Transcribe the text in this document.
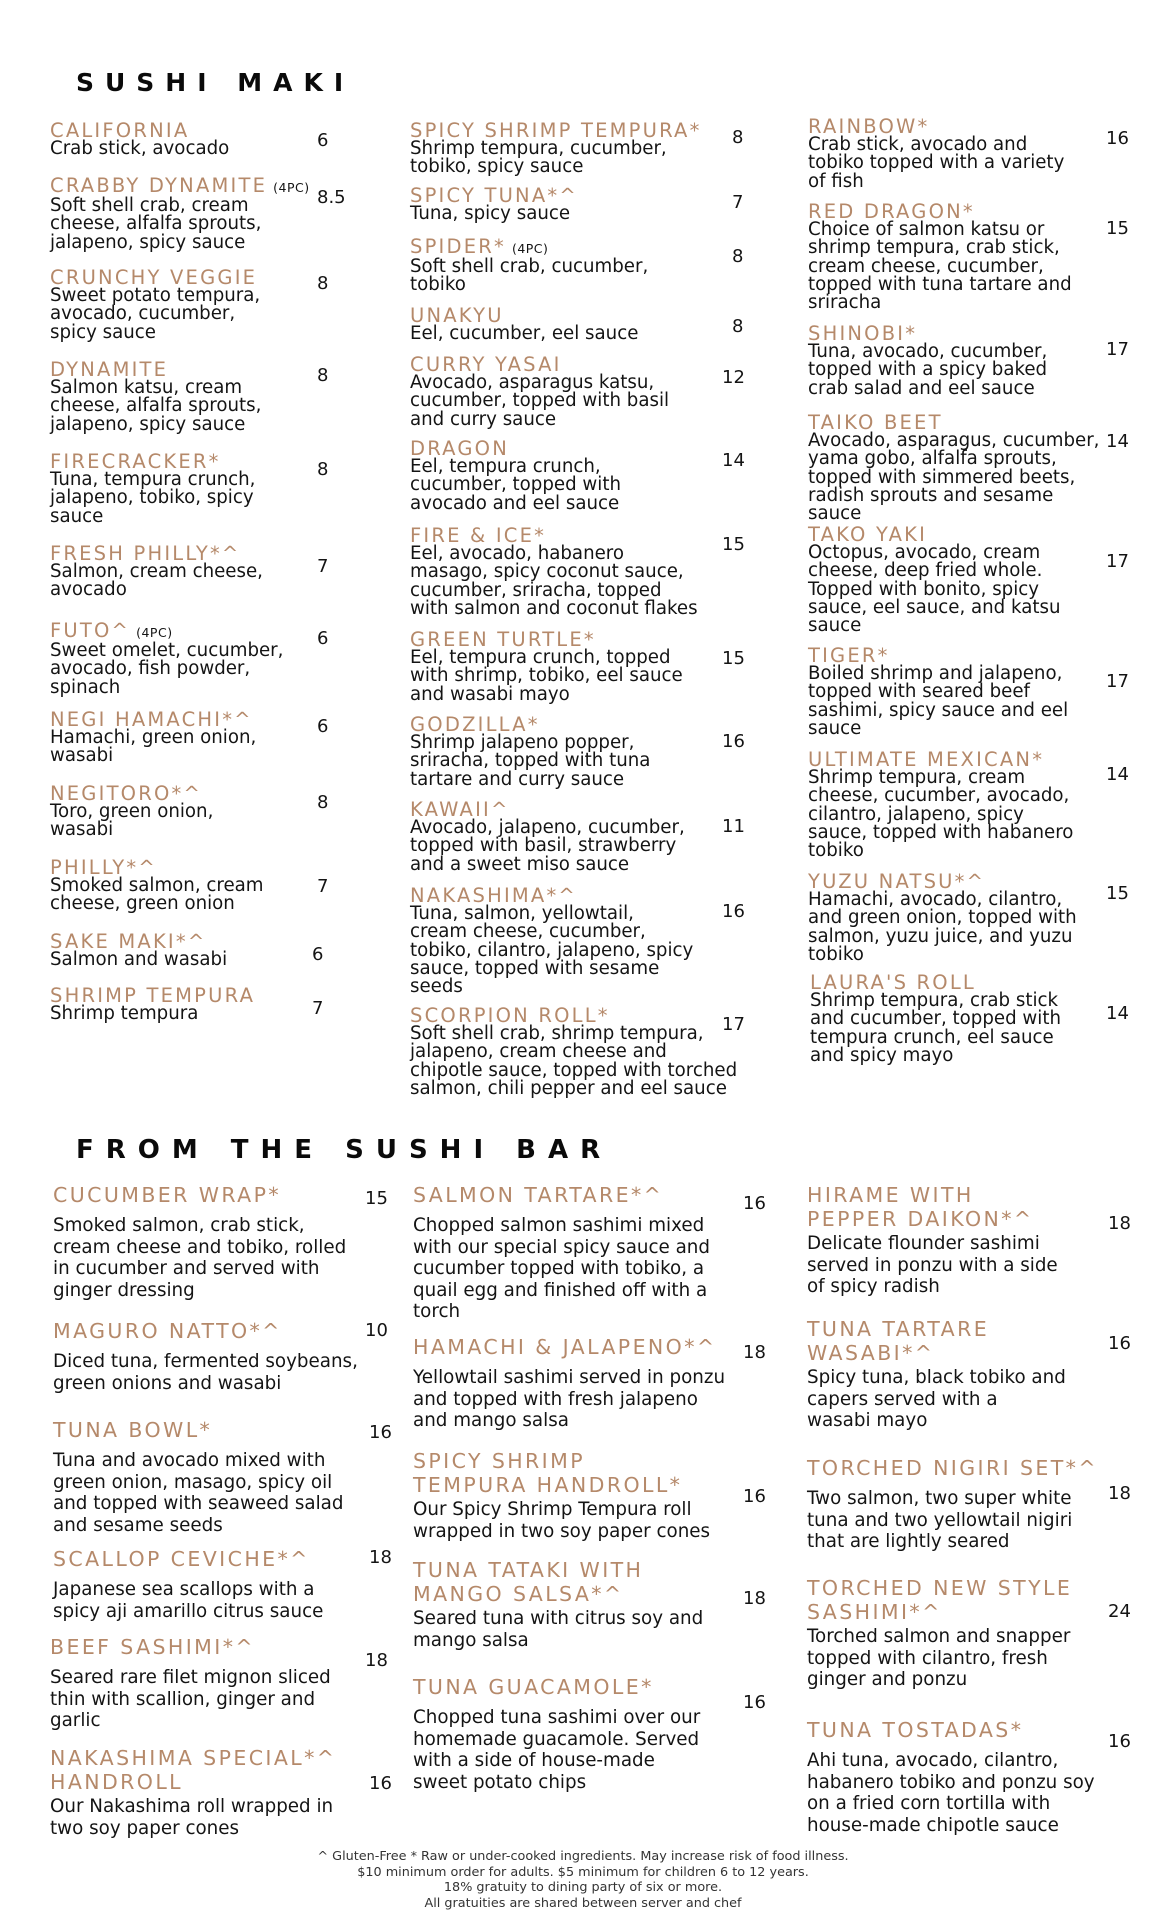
SUSHI MAKI
FROM THE SUSHI BAR
CALIFORNIA
Crab stick, avocado	6
CRABBY DYNAMITE (4PC)
Soft shell crab, cream
cheese, alfalfa sprouts,
jalapeno, spicy sauce
8.5
CRUNCHY VEGGIE
Sweet potato tempura,
avocado, cucumber,
spicy sauce
8
DYNAMITE
Salmon katsu, cream
cheese, alfalfa sprouts,
jalapeno, spicy sauce
8
FIRECRACKER*
Tuna, tempura crunch,
jalapeno, tobiko, spicy
sauce
8
FRESH PHILLY*^
Salmon, cream cheese,
avocado
7
FUTO^ (4PC)
Sweet omelet, cucumber,
avocado, fish powder,
spinach
6
NEGI HAMACHI*^
Hamachi, green onion,
wasabi
6
NEGITORO*^
Toro, green onion,
wasabi
8
PHILLY*^
Smoked salmon, cream
cheese, green onion
7
SAKE MAKI*^
Salmon and wasabi	6
SHRIMP TEMPURA
Shrimp tempura	7
SPICY SHRIMP TEMPURA*
Shrimp tempura, cucumber,
tobiko, spicy sauce
8
SPICY TUNA*^
Tuna, spicy sauce
7
SPIDER* (4PC)
Soft shell crab, cucumber,
tobiko
8
UNAKYU
Eel, cucumber, eel sauce	8
CURRY YASAI
Avocado, asparagus katsu,
cucumber, topped with basil
and curry sauce
12
DRAGON
Eel, tempura crunch,
cucumber, topped with
avocado and eel sauce
14
FIRE & ICE*
Eel, avocado, habanero
masago, spicy coconut sauce,
cucumber, sriracha, topped
with salmon and coconut flakes
15
GREEN TURTLE*
Eel, tempura crunch, topped
with shrimp, tobiko, eel sauce
and wasabi mayo
15
GODZILLA*
Shrimp jalapeno popper,
sriracha, topped with tuna
tartare and curry sauce
16
KAWAII^
Avocado, jalapeno, cucumber,
topped with basil, strawberry
and a sweet miso sauce
11
NAKASHIMA*^
Tuna, salmon, yellowtail,
cream cheese, cucumber,
tobiko, cilantro, jalapeno, spicy
sauce, topped with sesame
seeds
16
SCORPION ROLL*
Soft shell crab, shrimp tempura,
jalapeno, cream cheese and
chipotle sauce, topped with torched
salmon, chili pepper and eel sauce
17
RAINBOW*
Crab stick, avocado and
tobiko topped with a variety
of fish
16
RED DRAGON*
Choice of salmon katsu or
shrimp tempura, crab stick,
cream cheese, cucumber,
topped with tuna tartare and
sriracha
15
SHINOBI*
Tuna, avocado, cucumber,
topped with a spicy baked
crab salad and eel sauce
17
TAIKO BEET
Avocado, asparagus, cucumber,
yama gobo, alfalfa sprouts,
topped with simmered beets,
radish sprouts and sesame
sauce
14
TAKO YAKI
Octopus, avocado, cream
cheese, deep fried whole.
Topped with bonito, spicy
sauce, eel sauce, and katsu
sauce
17
TIGER*
Boiled shrimp and jalapeno,
topped with seared beef
sashimi, spicy sauce and eel
sauce
17
ULTIMATE MEXICAN*
Shrimp tempura, cream
cheese, cucumber, avocado,
cilantro, jalapeno, spicy
sauce, topped with habanero
tobiko
14
YUZU NATSU*^
Hamachi, avocado, cilantro,
and green onion, topped with
salmon, yuzu juice, and yuzu
tobiko
15
LAURA'S ROLL
Shrimp tempura, crab stick
and cucumber, topped with
tempura crunch, eel sauce
and spicy mayo
14
CUCUMBER WRAP*
Smoked salmon, crab stick,
cream cheese and tobiko, rolled
in cucumber and served with
ginger dressing
15
MAGURO NATTO*^
Diced tuna, fermented soybeans,
green onions and wasabi
10
TUNA BOWL*
Tuna and avocado mixed with
green onion, masago, spicy oil
and topped with seaweed salad
and sesame seeds
16
SCALLOP CEVICHE*^
Japanese sea scallops with a
spicy aji amarillo citrus sauce
18
BEEF SASHIMI*^
Seared rare filet mignon sliced
thin with scallion, ginger and
garlic
18
NAKASHIMA SPECIAL*^
HANDROLL
Our Nakashima roll wrapped in
two soy paper cones
16
SALMON TARTARE*^
Chopped salmon sashimi mixed
with our special spicy sauce and
cucumber topped with tobiko, a
quail egg and finished off with a
torch
16
HAMACHI & JALAPENO*^
Yellowtail sashimi served in ponzu
and topped with fresh jalapeno
and mango salsa
18
SPICY SHRIMP
TEMPURA HANDROLL*
Our Spicy Shrimp Tempura roll
wrapped in two soy paper cones
16
TUNA TATAKI WITH
MANGO SALSA*^
Seared tuna with citrus soy and
mango salsa
18
TUNA GUACAMOLE*
Chopped tuna sashimi over our
homemade guacamole. Served
with a side of house-made
sweet potato chips
16
HIRAME WITH
PEPPER DAIKON*^
Delicate flounder sashimi
served in ponzu with a side
of spicy radish
18
TUNA TARTARE
WASABI*^
Spicy tuna, black tobiko and
capers served with a
wasabi mayo
16
TORCHED NIGIRI SET*^
Two salmon, two super white
tuna and two yellowtail nigiri
that are lightly seared
18
TORCHED NEW STYLE
SASHIMI*^
Torched salmon and snapper
topped with cilantro, fresh
ginger and ponzu
24
TUNA TOSTADAS*
Ahi tuna, avocado, cilantro,
habanero tobiko and ponzu soy
on a fried corn tortilla with
house-made chipotle sauce
16
^ Gluten-Free * Raw or under-cooked ingredients. May increase risk of food illness.
$10 minimum order for adults. $5 minimum for children 6 to 12 years.
18% gratuity to dining party of six or more.
All gratuities are shared between server and chef
